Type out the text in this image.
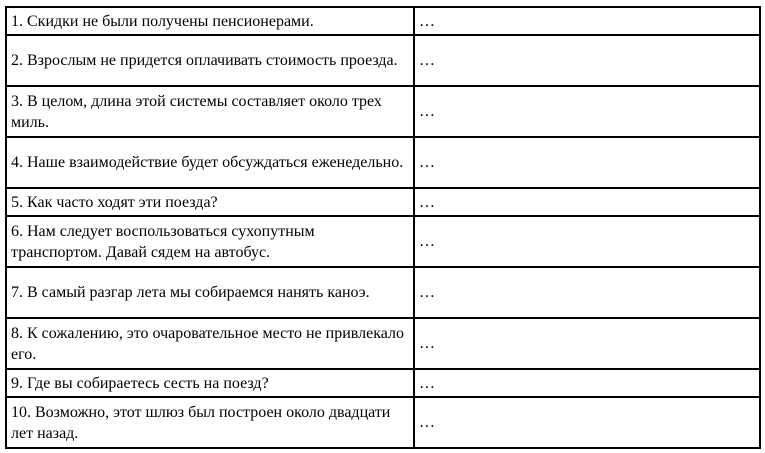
1. Скидки не были получены пенсионерами.	…
2. Взрослым не придется оплачивать стоимость проезда.	…
3. В целом, длина этой системы составляет около трех миль.	…
4. Наше взаимодействие будет обсуждаться еженедельно.	…
5. Как часто ходят эти поезда?	…
6. Нам следует воспользоваться сухопутным транспортом. Давай сядем на автобус.	…
7. В самый разгар лета мы собираемся нанять каноэ.	…
8. К сожалению, это очаровательное место не привлекало его.	…
9. Где вы собираетесь сесть на поезд?	…
10. Возможно, этот шлюз был построен около двадцати лет назад.	…
